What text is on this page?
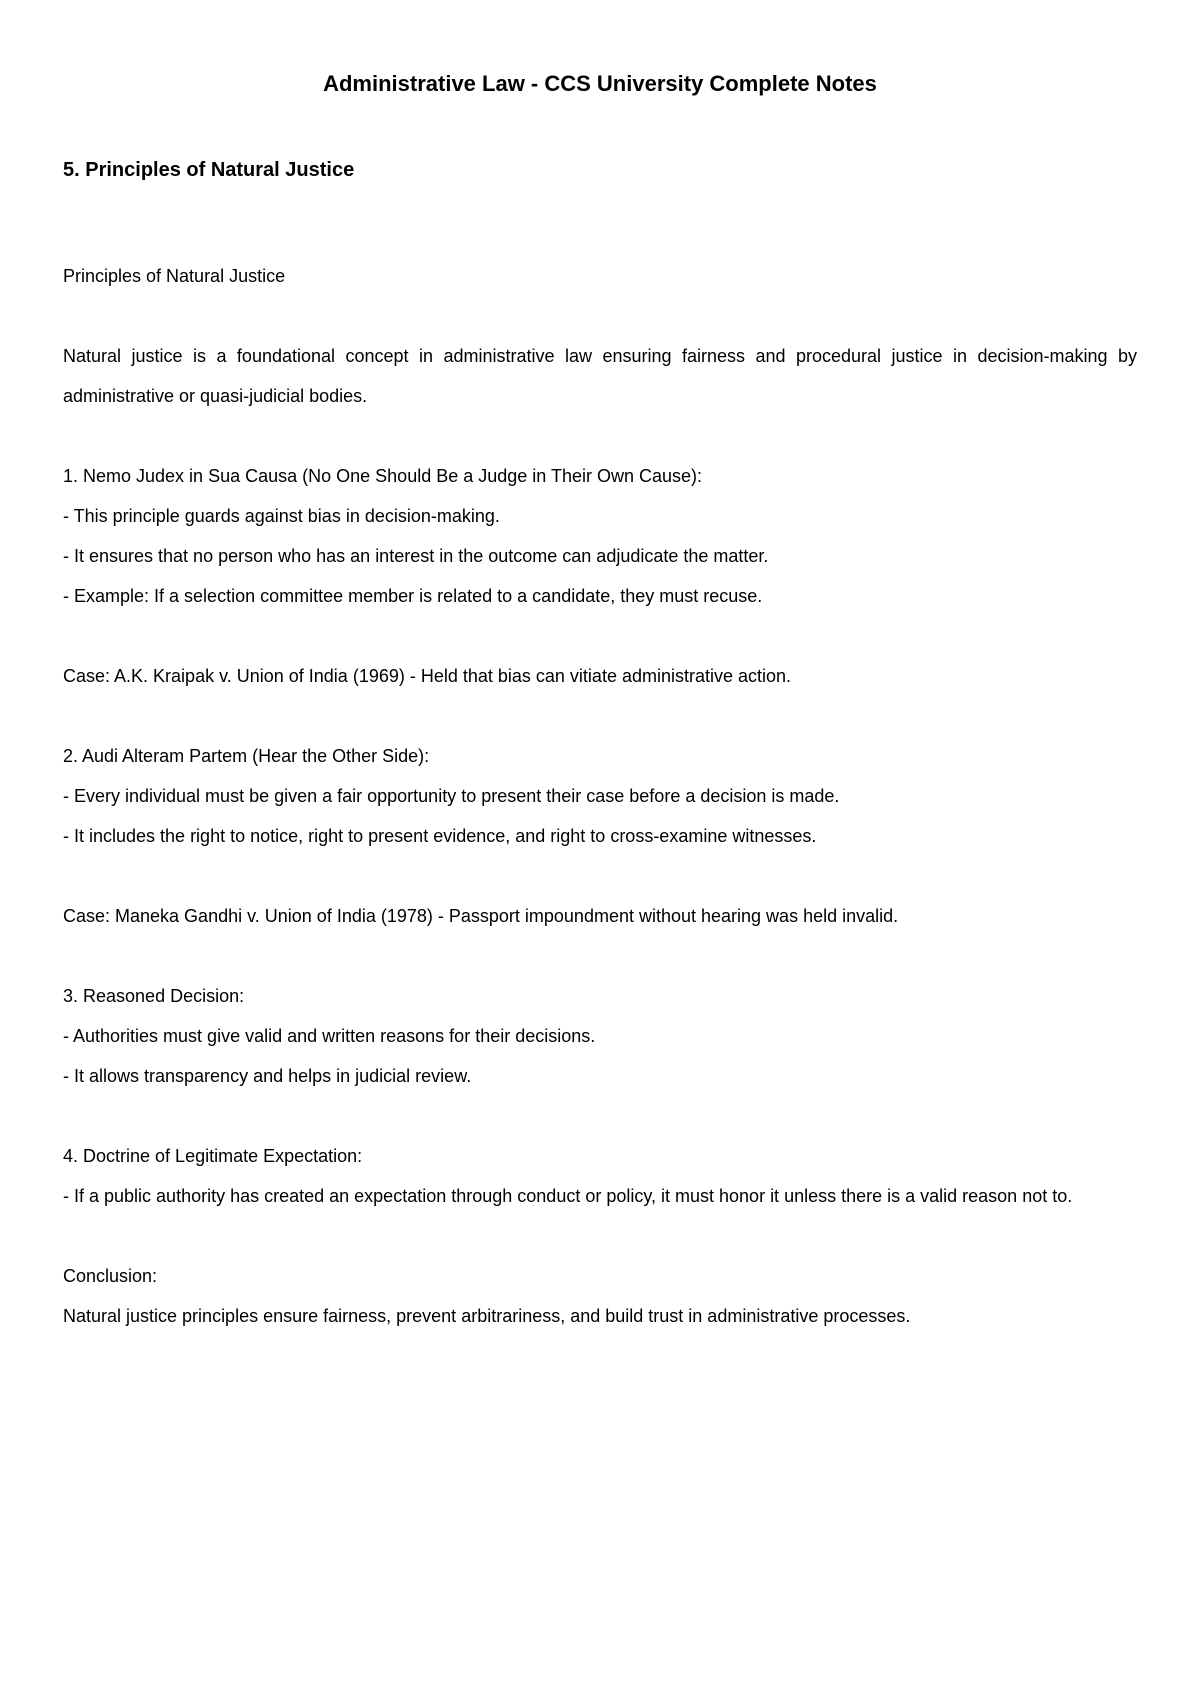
Administrative Law - CCS University Complete Notes
5. Principles of Natural Justice

Principles of Natural Justice

Natural justice is a foundational concept in administrative law ensuring fairness and procedural justice in decision-making by administrative or quasi-judicial bodies.

1. Nemo Judex in Sua Causa (No One Should Be a Judge in Their Own Cause):

- This principle guards against bias in decision-making.

- It ensures that no person who has an interest in the outcome can adjudicate the matter.

- Example: If a selection committee member is related to a candidate, they must recuse.

Case: A.K. Kraipak v. Union of India (1969) - Held that bias can vitiate administrative action.

2. Audi Alteram Partem (Hear the Other Side):

- Every individual must be given a fair opportunity to present their case before a decision is made.

- It includes the right to notice, right to present evidence, and right to cross-examine witnesses.

Case: Maneka Gandhi v. Union of India (1978) - Passport impoundment without hearing was held invalid.

3. Reasoned Decision:

- Authorities must give valid and written reasons for their decisions.

- It allows transparency and helps in judicial review.

4. Doctrine of Legitimate Expectation:

- If a public authority has created an expectation through conduct or policy, it must honor it unless there is a valid reason not to.

Conclusion:

Natural justice principles ensure fairness, prevent arbitrariness, and build trust in administrative processes.
